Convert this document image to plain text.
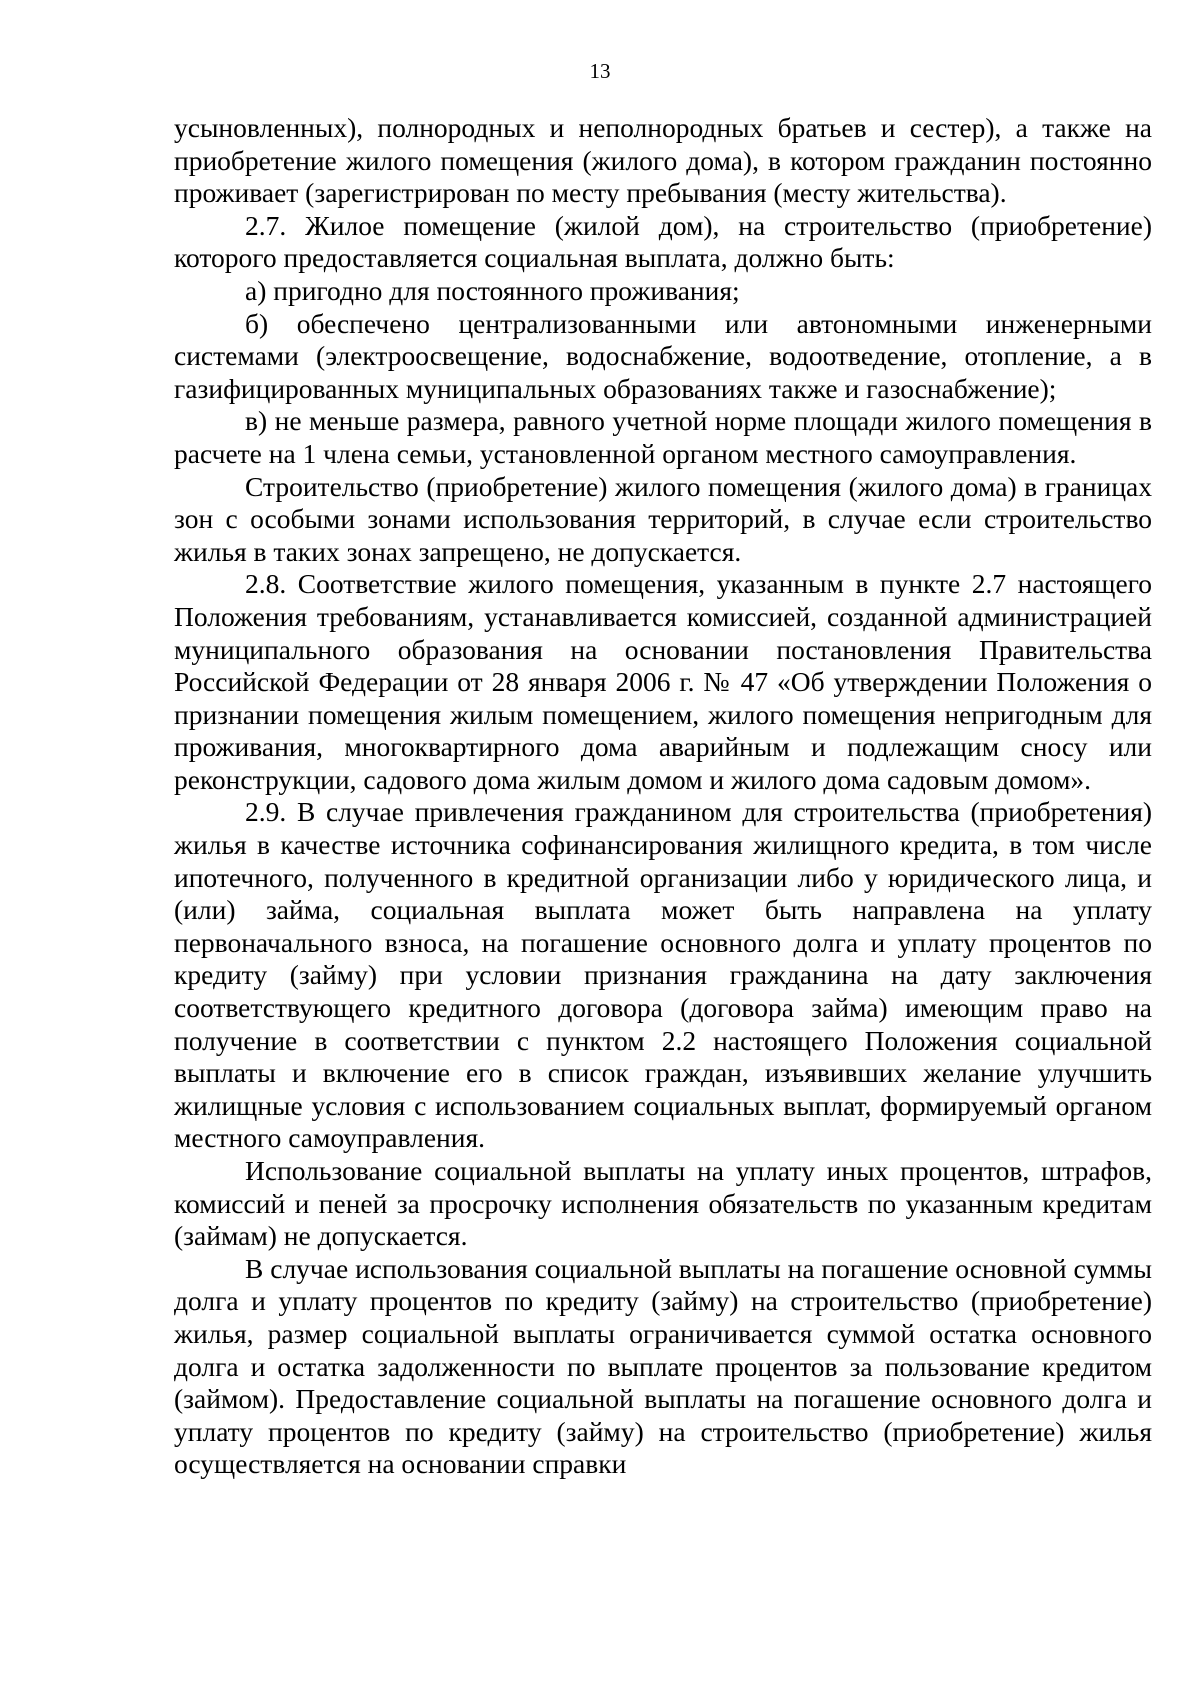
13

усыновленных), полнородных и неполнородных братьев и сестер), а также на приобретение жилого помещения (жилого дома), в котором гражданин постоянно проживает (зарегистрирован по месту пребывания (месту жительства).

2.7. Жилое помещение (жилой дом), на строительство (приобретение) которого предоставляется социальная выплата, должно быть:

а) пригодно для постоянного проживания;

б) обеспечено централизованными или автономными инженерными системами (электроосвещение, водоснабжение, водоотведение, отопление, а в газифицированных муниципальных образованиях также и газоснабжение);

в) не меньше размера, равного учетной норме площади жилого помещения в расчете на 1 члена семьи, установленной органом местного самоуправления.

Строительство (приобретение) жилого помещения (жилого дома) в границах зон с особыми зонами использования территорий, в случае если строительство жилья в таких зонах запрещено, не допускается.

2.8. Соответствие жилого помещения, указанным в пункте 2.7 настоящего Положения требованиям, устанавливается комиссией, созданной администрацией муниципального образования на основании постановления Правительства Российской Федерации от 28 января 2006 г. № 47 «Об утверждении Положения о признании помещения жилым помещением, жилого помещения непригодным для проживания, многоквартирного дома аварийным и подлежащим сносу или реконструкции, садового дома жилым домом и жилого дома садовым домом».

2.9. В случае привлечения гражданином для строительства (приобретения) жилья в качестве источника софинансирования жилищного кредита, в том числе ипотечного, полученного в кредитной организации либо у юридического лица, и (или) займа, социальная выплата может быть направлена на уплату первоначального взноса, на погашение основного долга и уплату процентов по кредиту (займу) при условии признания гражданина на дату заключения соответствующего кредитного договора (договора займа) имеющим право на получение в соответствии с пунктом 2.2 настоящего Положения социальной выплаты и включение его в список граждан, изъявивших желание улучшить жилищные условия с использованием социальных выплат, формируемый органом местного самоуправления.

Использование социальной выплаты на уплату иных процентов, штрафов, комиссий и пеней за просрочку исполнения обязательств по указанным кредитам (займам) не допускается.

В случае использования социальной выплаты на погашение основной суммы долга и уплату процентов по кредиту (займу) на строительство (приобретение) жилья, размер социальной выплаты ограничивается суммой остатка основного долга и остатка задолженности по выплате процентов за пользование кредитом (займом). Предоставление социальной выплаты на погашение основного долга и уплату процентов по кредиту (займу) на строительство (приобретение) жилья осуществляется на основании справки
